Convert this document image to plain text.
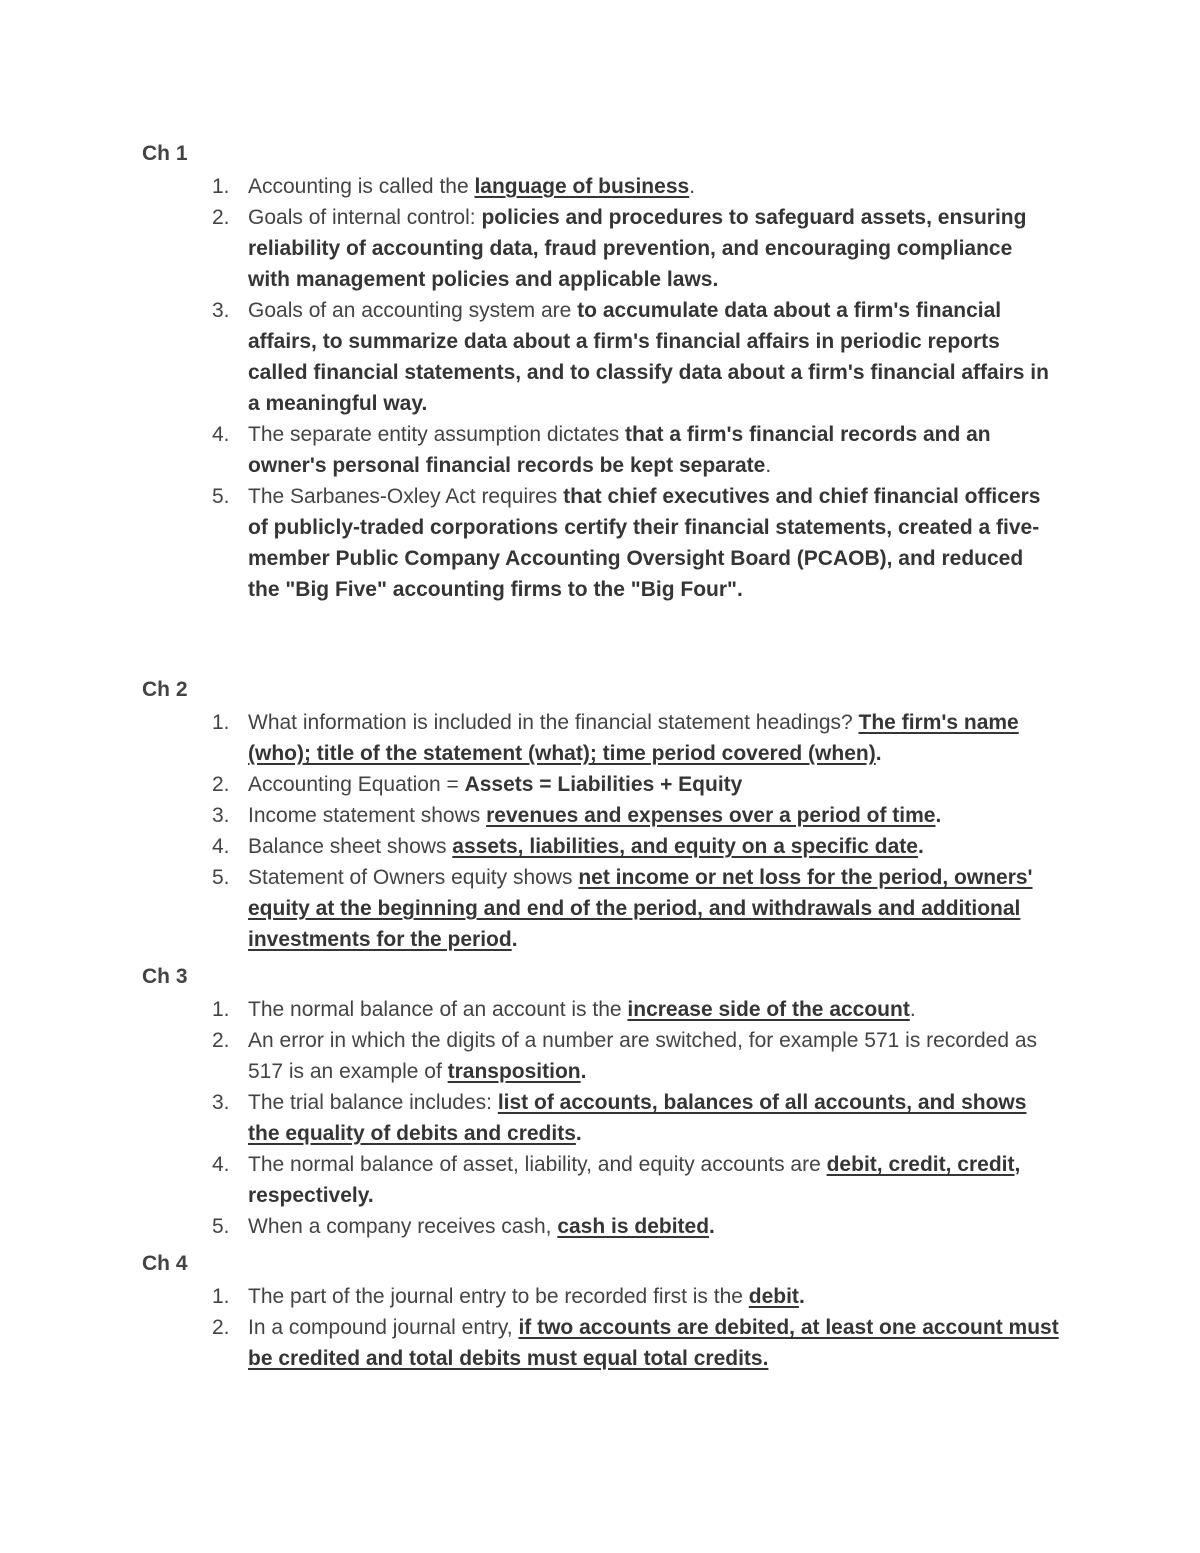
Ch 1
1. Accounting is called the language of business.
2. Goals of internal control: policies and procedures to safeguard assets, ensuring reliability of accounting data, fraud prevention, and encouraging compliance with management policies and applicable laws.
3. Goals of an accounting system are to accumulate data about a firm's financial affairs, to summarize data about a firm's financial affairs in periodic reports called financial statements, and to classify data about a firm's financial affairs in a meaningful way.
4. The separate entity assumption dictates that a firm's financial records and an owner's personal financial records be kept separate.
5. The Sarbanes-Oxley Act requires that chief executives and chief financial officers of publicly-traded corporations certify their financial statements, created a five-member Public Company Accounting Oversight Board (PCAOB), and reduced the "Big Five" accounting firms to the "Big Four".
Ch 2
1. What information is included in the financial statement headings? The firm's name (who); title of the statement (what); time period covered (when).
2. Accounting Equation = Assets = Liabilities + Equity
3. Income statement shows revenues and expenses over a period of time.
4. Balance sheet shows assets, liabilities, and equity on a specific date.
5. Statement of Owners equity shows net income or net loss for the period, owners' equity at the beginning and end of the period, and withdrawals and additional investments for the period.
Ch 3
1. The normal balance of an account is the increase side of the account.
2. An error in which the digits of a number are switched, for example 571 is recorded as 517 is an example of transposition.
3. The trial balance includes: list of accounts, balances of all accounts, and shows the equality of debits and credits.
4. The normal balance of asset, liability, and equity accounts are debit, credit, credit, respectively.
5. When a company receives cash, cash is debited.
Ch 4
1. The part of the journal entry to be recorded first is the debit.
2. In a compound journal entry, if two accounts are debited, at least one account must be credited and total debits must equal total credits.
